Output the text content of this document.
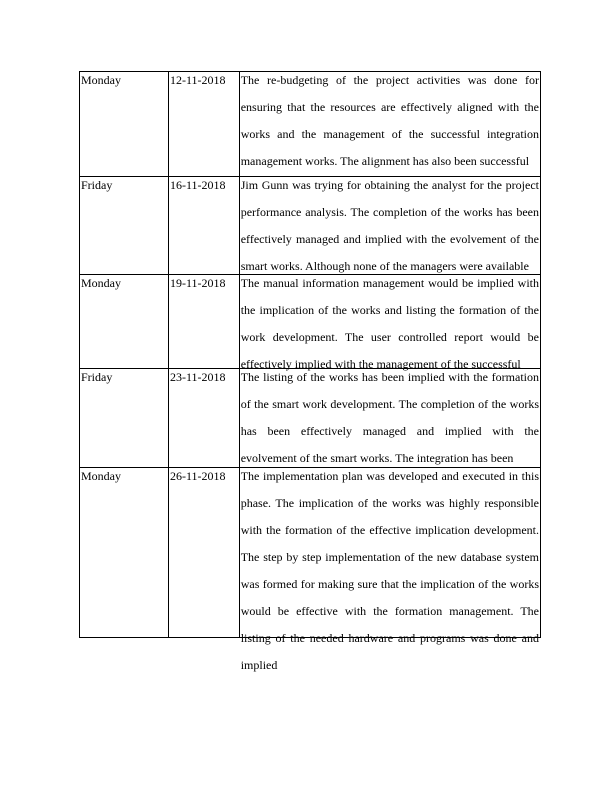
Monday	12-11-2018	The re-budgeting of the project activities was done for ensuring that the resources are effectively aligned with the works and the management of the successful integration management works. The alignment has also been successful

Friday	16-11-2018	Jim Gunn was trying for obtaining the analyst for the project performance analysis. The completion of the works has been effectively managed and implied with the evolvement of the smart works. Although none of the managers were available

Monday	19-11-2018	The manual information management would be implied with the implication of the works and listing the formation of the work development. The user controlled report would be effectively implied with the management of the successful

Friday	23-11-2018	The listing of the works has been implied with the formation of the smart work development. The completion of the works has been effectively managed and implied with the evolvement of the smart works. The integration has been

Monday	26-11-2018	The implementation plan was developed and executed in this phase. The implication of the works was highly responsible with the formation of the effective implication development. The step by step implementation of the new database system was formed for making sure that the implication of the works would be effective with the formation management. The listing of the needed hardware and programs was done and implied
